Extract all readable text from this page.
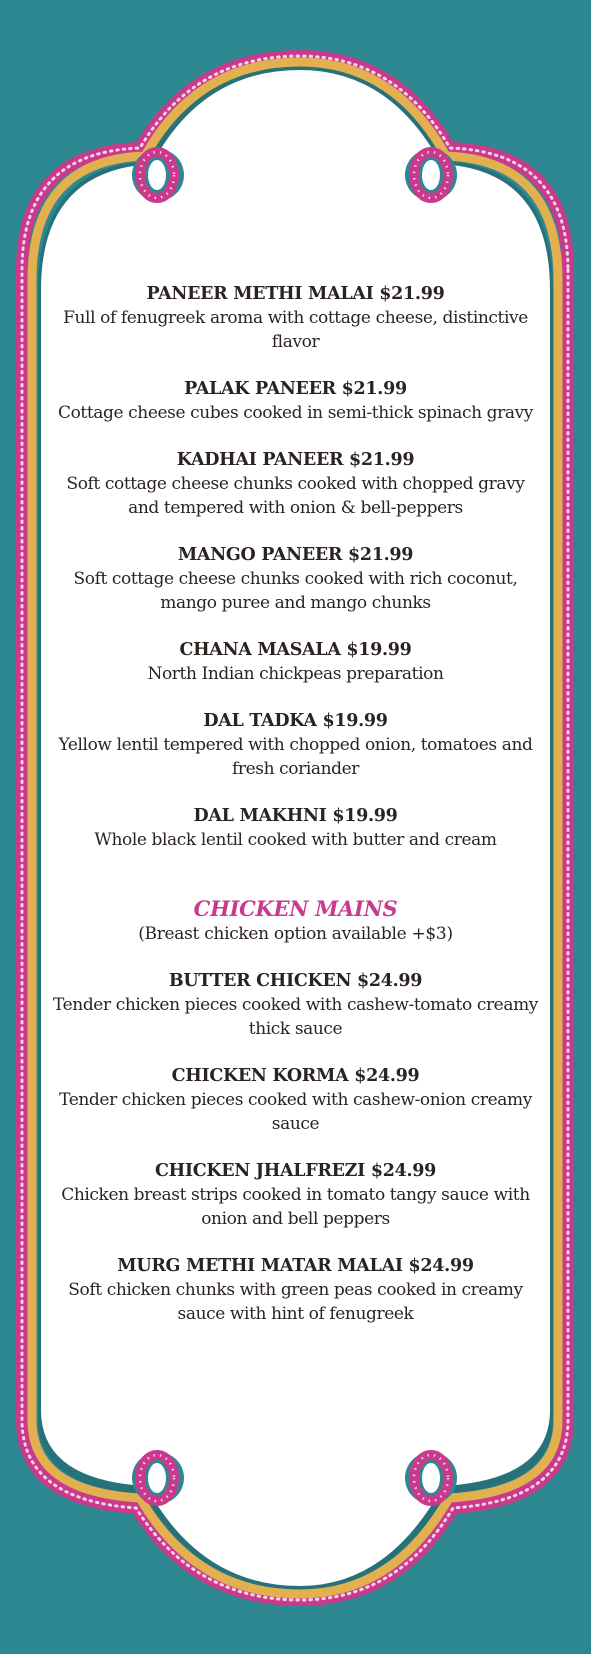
PANEER METHI MALAI $21.99
Full of fenugreek aroma with cottage cheese, distinctive flavor
PALAK PANEER $21.99
Cottage cheese cubes cooked in semi-thick spinach gravy
KADHAI PANEER $21.99
Soft cottage cheese chunks cooked with chopped gravy and tempered with onion & bell-peppers
MANGO PANEER $21.99
Soft cottage cheese chunks cooked with rich coconut, mango puree and mango chunks
CHANA MASALA $19.99
North Indian chickpeas preparation
DAL TADKA $19.99
Yellow lentil tempered with chopped onion, tomatoes and fresh coriander
DAL MAKHNI $19.99
Whole black lentil cooked with butter and cream
CHICKEN MAINS
(Breast chicken option available +$3)
BUTTER CHICKEN $24.99
Tender chicken pieces cooked with cashew-tomato creamy thick sauce
CHICKEN KORMA $24.99
Tender chicken pieces cooked with cashew-onion creamy sauce
CHICKEN JHALFREZI $24.99
Chicken breast strips cooked in tomato tangy sauce with onion and bell peppers
MURG METHI MATAR MALAI $24.99
Soft chicken chunks with green peas cooked in creamy sauce with hint of fenugreek
